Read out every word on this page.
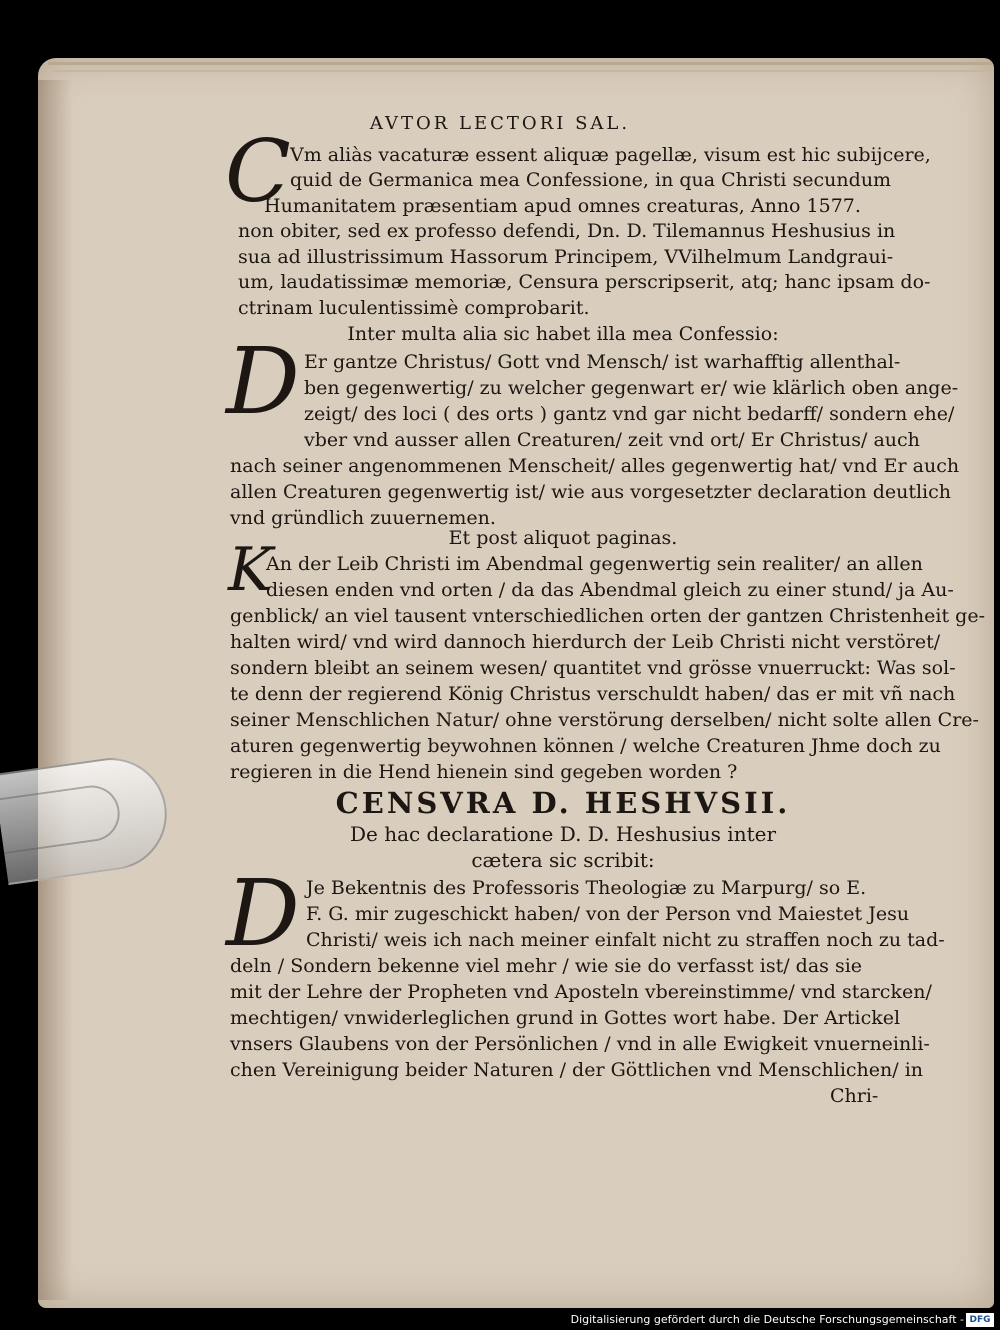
AVTOR LECTORI SAL.
C Vm aliàs vacaturæ essent aliquæ pagellæ, visum est hic subijcere,
quid de Germanica mea Confessione, in qua Christi secundum
Humanitatem præsentiam apud omnes creaturas, Anno 1577.
non obiter, sed ex professo defendi, Dn. D. Tilemannus Heshusius in
sua ad illustrissimum Hassorum Principem, VVilhelmum Landgraui-
um, laudatissimæ memoriæ, Censura perscripserit, atq; hanc ipsam do-
ctrinam luculentissimè comprobarit.
Inter multa alia sic habet illa mea Confessio:
D Er gantze Christus/ Gott vnd Mensch/ ist warhafftig allenthal-
ben gegenwertig/ zu welcher gegenwart er/ wie klärlich oben ange-
zeigt/ des loci ( des orts ) gantz vnd gar nicht bedarff/ sondern ehe/
vber vnd ausser allen Creaturen/ zeit vnd ort/ Er Christus/ auch
nach seiner angenommenen Menscheit/ alles gegenwertig hat/ vnd Er auch
allen Creaturen gegenwertig ist/ wie aus vorgesetzter declaration deutlich
vnd gründlich zuuernemen.
Et post aliquot paginas.
K
An der Leib Christi im Abendmal gegenwertig sein realiter/ an allen
diesen enden vnd orten / da das Abendmal gleich zu einer stund/ ja Au-
genblick/ an viel tausent vnterschiedlichen orten der gantzen Christenheit ge-
halten wird/ vnd wird dannoch hierdurch der Leib Christi nicht verstöret/
sondern bleibt an seinem wesen/ quantitet vnd grösse vnuerruckt: Was sol-
te denn der regierend König Christus verschuldt haben/ das er mit vñ nach
seiner Menschlichen Natur/ ohne verstörung derselben/ nicht solte allen Cre-
aturen gegenwertig beywohnen können / welche Creaturen Jhme doch zu
regieren in die Hend hienein sind gegeben worden ?
CENSVRA D. HESHVSII.
De hac declaratione D. D. Heshusius inter
cætera sic scribit:
D Je Bekentnis des Professoris Theologiæ zu Marpurg/ so E.
F. G. mir zugeschickt haben/ von der Person vnd Maiestet Jesu
Christi/ weis ich nach meiner einfalt nicht zu straffen noch zu tad-
deln / Sondern bekenne viel mehr / wie sie do verfasst ist/ das sie
mit der Lehre der Propheten vnd Aposteln vbereinstimme/ vnd starcken/
mechtigen/ vnwiderleglichen grund in Gottes wort habe. Der Artickel
vnsers Glaubens von der Persönlichen / vnd in alle Ewigkeit vnuerneinli-
chen Vereinigung beider Naturen / der Göttlichen vnd Menschlichen/ in
Chri-
Digitalisierung gefördert durch die Deutsche Forschungsgemeinschaft - DFG
